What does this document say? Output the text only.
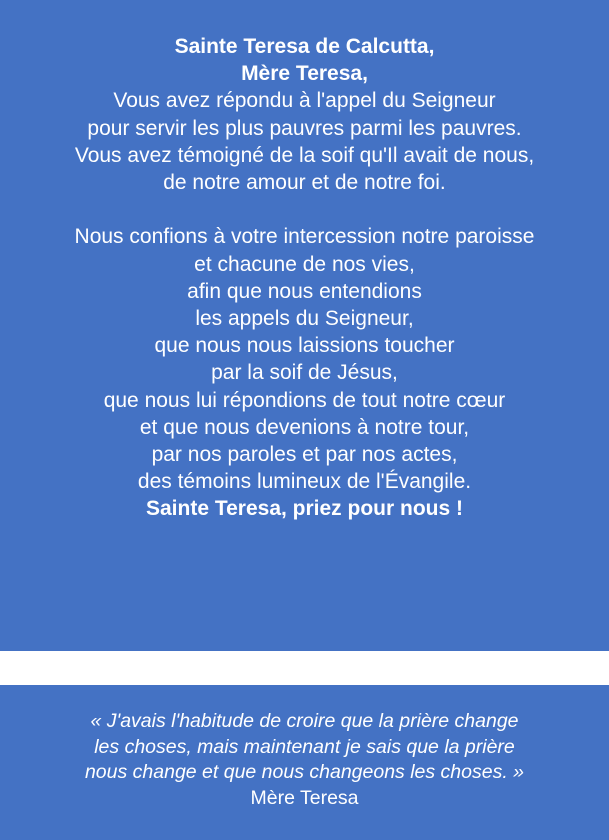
Sainte Teresa de Calcutta,
Mère Teresa,
Vous avez répondu à l'appel du Seigneur
pour servir les plus pauvres parmi les pauvres.
Vous avez témoigné de la soif qu'Il avait de nous,
de notre amour et de notre foi.
Nous confions à votre intercession notre paroisse
et chacune de nos vies,
afin que nous entendions
les appels du Seigneur,
que nous nous laissions toucher
par la soif de Jésus,
que nous lui répondions de tout notre cœur
et que nous devenions à notre tour,
par nos paroles et par nos actes,
des témoins lumineux de l'Évangile.
Sainte Teresa, priez pour nous !
« J'avais l'habitude de croire que la prière change
les choses, mais maintenant je sais que la prière
nous change et que nous changeons les choses. »
Mère Teresa
